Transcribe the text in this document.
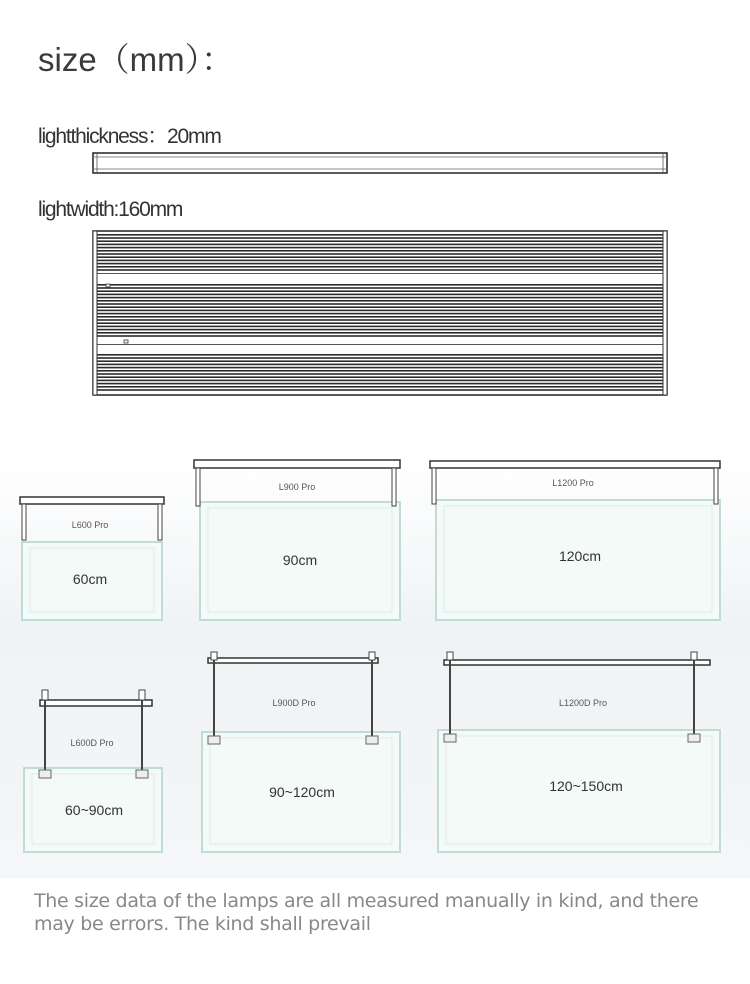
size（mm）：
lightthickness：20mm
lightwidth:160mm
L600 Pro
60cm
L900 Pro
90cm
L1200 Pro
120cm
L600D Pro
60~90cm
L900D Pro
90~120cm
L1200D Pro
120~150cm
The size data of the lamps are all measured manually in kind, and there may be errors. The kind shall prevail
